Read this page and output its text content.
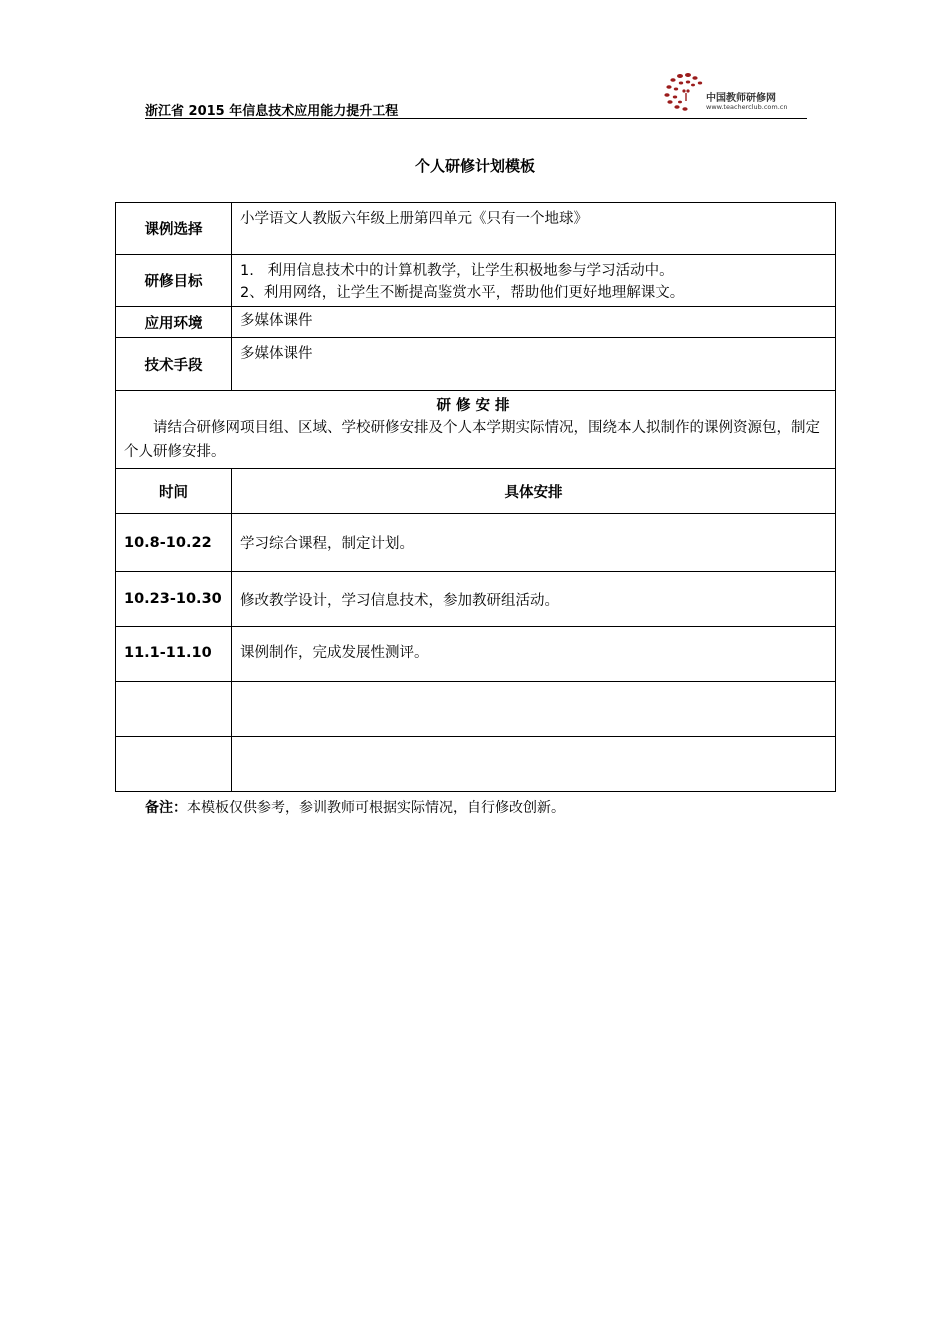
浙江省 2015 年信息技术应用能力提升工程
中国教师研修网
www.teacherclub.com.cn
个人研修计划模板
课例选择	小学语文人教版六年级上册第四单元《只有一个地球》

研修目标	1.   利用信息技术中的计算机教学，让学生积极地参与学习活动中。
2、利用网络，让学生不断提高鉴赏水平，帮助他们更好地理解课文。

应用环境	多媒体课件

技术手段	多媒体课件

研修安排
请结合研修网项目组、区域、学校研修安排及个人本学期实际情况，围绕本人拟制作的课例资源包，制定个人研修安排。	

时间	具体安排
10.8-10.22	学习综合课程，制定计划。
10.23-10.30	修改教学设计，学习信息技术，参加教研组活动。
11.1-11.10	课例制作，完成发展性测评。

备注：本模板仅供参考，参训教师可根据实际情况，自行修改创新。
